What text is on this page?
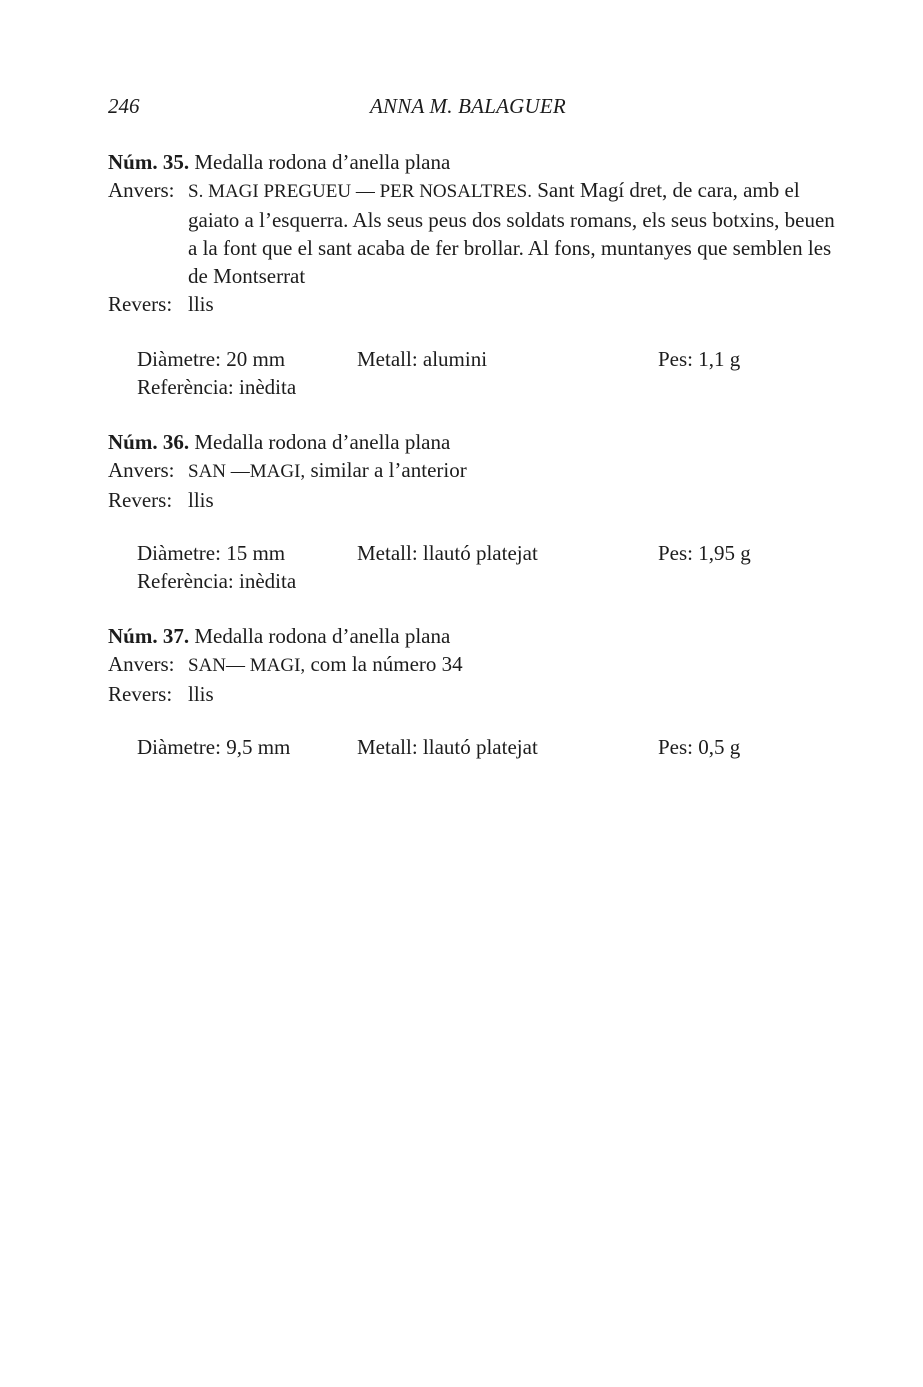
246	ANNA M. BALAGUER
Núm. 35. Medalla rodona d’anella plana
Anvers: S. MAGI PREGUEU — PER NOSALTRES. Sant Magí dret, de cara, amb el
gaiato a l’esquerra. Als seus peus dos soldats romans, els seus botxins, beuen a la font que el sant acaba de fer brollar. Al fons, muntanyes que semblen les de Montserrat
Revers: llis
Diàmetre: 20 mm	Metall: alumini	Pes: 1,1 g
Referència: inèdita
Núm. 36. Medalla rodona d’anella plana
Anvers: SAN —MAGI, similar a l’anterior
Revers: llis
Diàmetre: 15 mm	Metall: llautó platejat	Pes: 1,95 g
Referència: inèdita
Núm. 37. Medalla rodona d’anella plana
Anvers: SAN— MAGI, com la número 34
Revers: llis
Diàmetre: 9,5 mm	Metall: llautó platejat	Pes: 0,5 g
